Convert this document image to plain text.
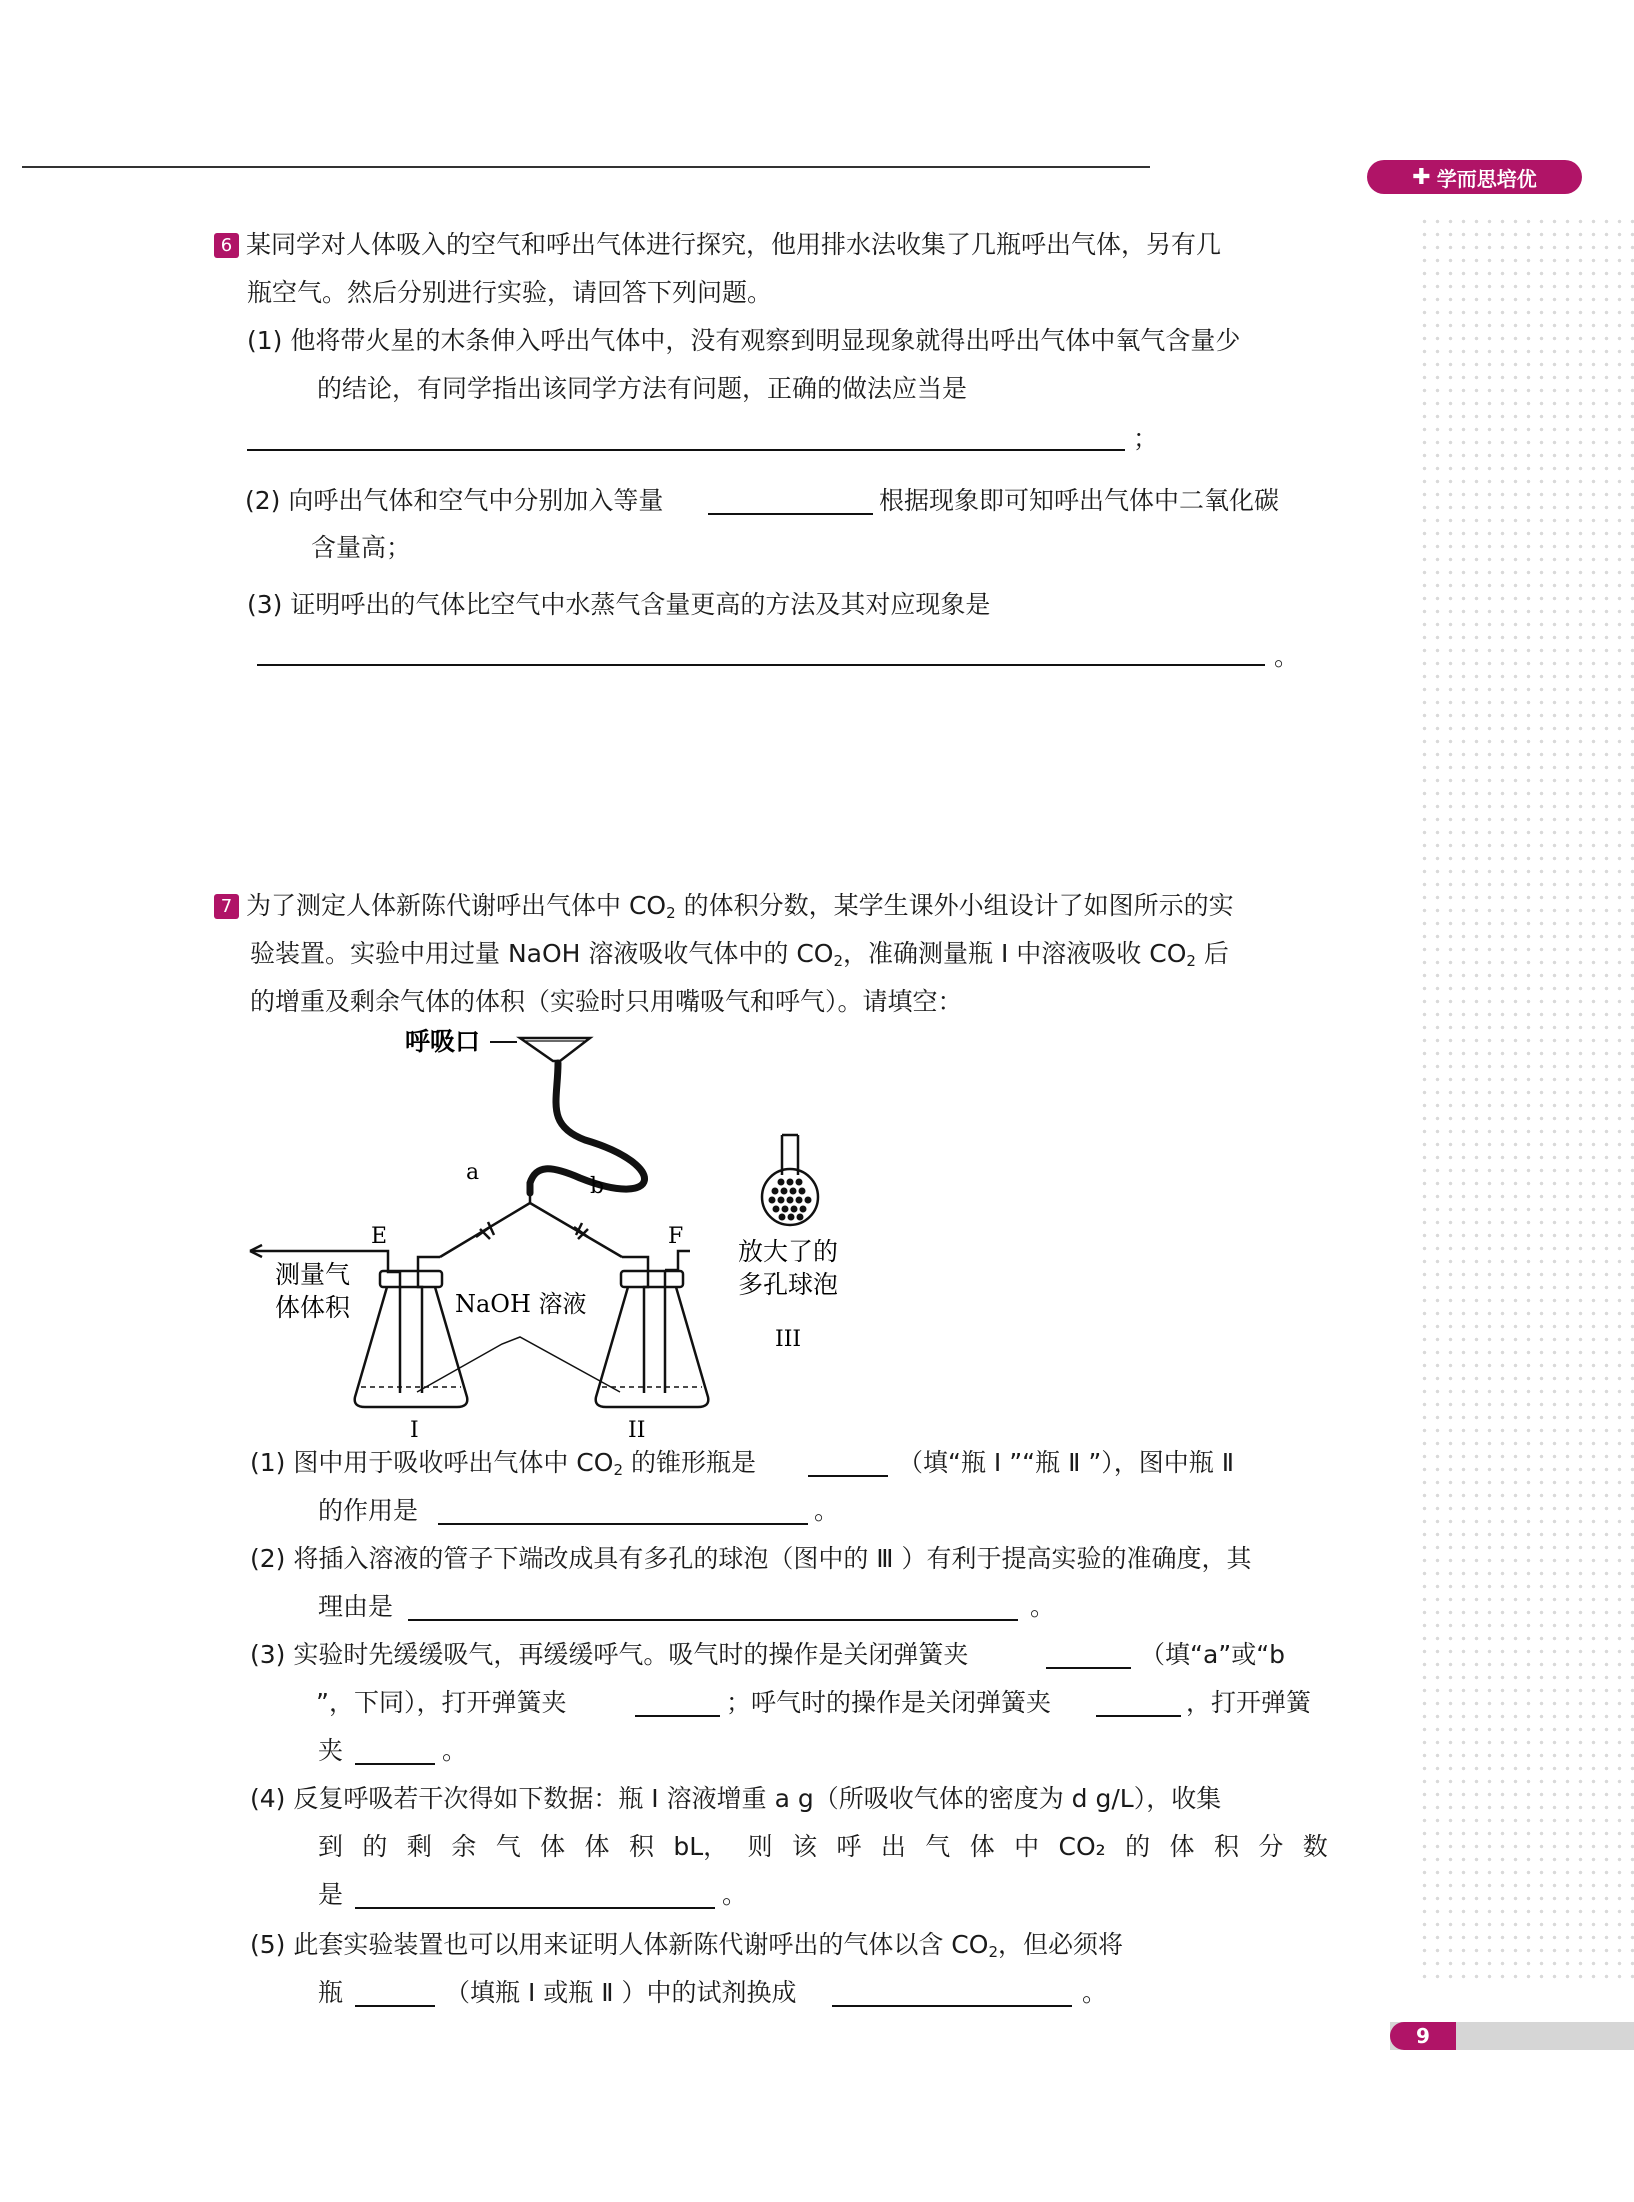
✚ 学而思培优
6 某同学对人体吸入的空气和呼出气体进行探究，他用排水法收集了几瓶呼出气体，另有几
瓶空气。然后分别进行实验，请回答下列问题。
(1) 他将带火星的木条伸入呼出气体中，没有观察到明显现象就得出呼出气体中氧气含量少
的结论，有同学指出该同学方法有问题，正确的做法应当是
；
(2) 向呼出气体和空气中分别加入等量	根据现象即可知呼出气体中二氧化碳
含量高；
(3) 证明呼出的气体比空气中水蒸气含量更高的方法及其对应现象是
。
7 为了测定人体新陈代谢呼出气体中 $CO_2$ 的体积分数，某学生课外小组设计了如图所示的实
验装置。实验中用过量 NaOH 溶液吸收气体中的 $CO_2$，准确测量瓶 Ⅰ 中溶液吸收 $CO_2$ 后
的增重及剩余气体的体积（实验时只用嘴吸气和呼气）。请填空：
呼吸口
a
b
E	F
测量气
体体积	NaOH 溶液
I	II
放大了的
多孔球泡
III
(1) 图中用于吸收呼出气体中 $CO_2$ 的锥形瓶是	（填“瓶 Ⅰ ”“瓶 Ⅱ ”），图中瓶 Ⅱ
的作用是	。
(2) 将插入溶液的管子下端改成具有多孔的球泡（图中的 Ⅲ ）有利于提高实验的准确度，其
理由是	。
(3) 实验时先缓缓吸气，再缓缓呼气。吸气时的操作是关闭弹簧夹	（填“a”或“b
”，下同），打开弹簧夹	；呼气时的操作是关闭弹簧夹	，打开弹簧
夹	。
(4) 反复呼吸若干次得如下数据：瓶 Ⅰ 溶液增重 a g（所吸收气体的密度为 d g/L），收集
到 的 剩 余 气 体 体 积 bL， 则 该 呼 出 气 体 中 CO₂ 的 体 积 分 数
是	。
(5) 此套实验装置也可以用来证明人体新陈代谢呼出的气体以含 $CO_2$，但必须将
瓶	（填瓶 Ⅰ 或瓶 Ⅱ ）中的试剂换成	。
9
